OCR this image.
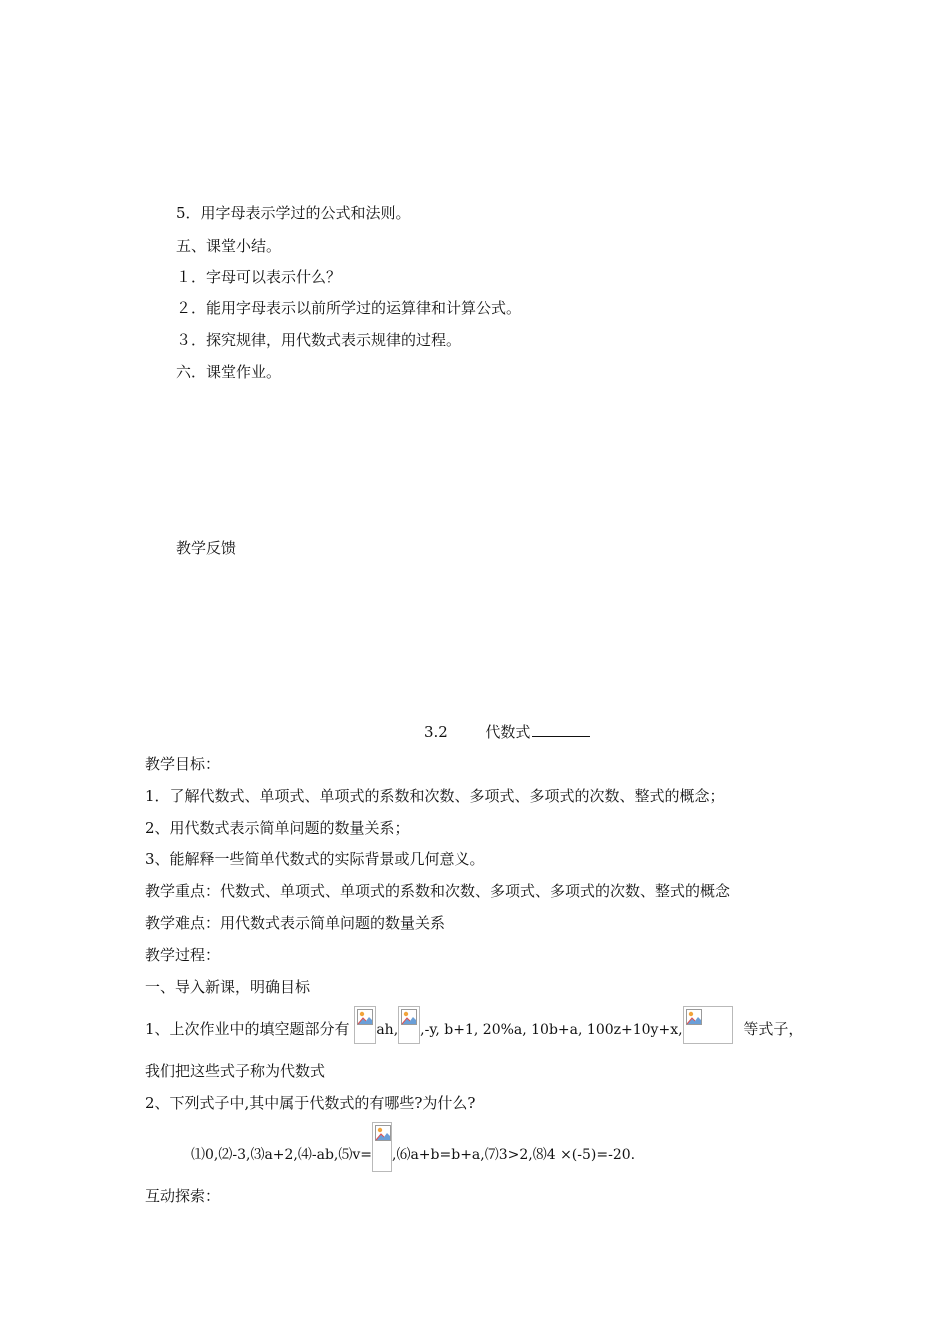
5．用字母表示学过的公式和法则。
五、课堂小结。
１．字母可以表示什么？
２．能用字母表示以前所学过的运算律和计算公式。
３．探究规律，用代数式表示规律的过程。
六．课堂作业。
教学反馈
3.2	代数式
教学目标：
1．了解代数式、单项式、单项式的系数和次数、多项式、多项式的次数、整式的概念；
2、用代数式表示简单问题的数量关系；
3、能解释一些简单代数式的实际背景或几何意义。
教学重点：代数式、单项式、单项式的系数和次数、多项式、多项式的次数、整式的概念
教学难点：用代数式表示简单问题的数量关系
教学过程：
一、导入新课，明确目标
1、上次作业中的填空题部分有 ah, ,-y, b+1, 20%a, 10b+a, 100z+10y+x,	等式子，
我们把这些式子称为代数式
2、下列式子中,其中属于代数式的有哪些?为什么?
⑴0,⑵-3,⑶a+2,⑷-ab,⑸v= ,⑹a+b=b+a,⑺3>2,⑻4 ×(-5)=-20.
互动探索：
